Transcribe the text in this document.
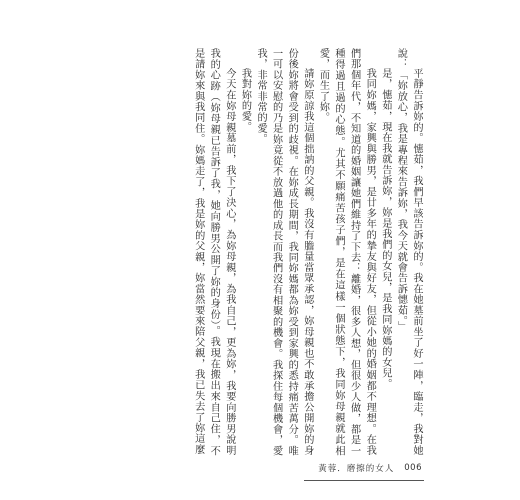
平靜告訴妳的。憓茹，我們早該告訴妳的。我在她墓前坐了好一陣，臨走，我對她說：「妳放心，我是專程來告訴妳，我今天就會告訴憓茹。」

是，憓茹，現在我就告訴妳，妳是我們的女兒，是我同妳媽的女兒。

我同妳媽，家興與勝男，是廿多年的摯友與好友，但從小她的婚姻都不理想。在我們那個年代，不知道的婚姻讓她們維持了下去：離婚，很多人想，但很少人做，都是一種得過且過的心態。尤其不願痛苦孩子們，是在這樣一個狀態下，我同妳母親就此相愛，而生了妳。

請妳原諒我這個拙訥的父親。我沒有膽量當眾承認，妳母親也不敢承擔公開妳的身份後妳將會受到的歧視。在妳成長期間，我同妳媽都為妳受到家興的悉持痛苦萬分。唯一可以安慰的乃是妳竟從不放過他的成長而我們沒有相聚的機會。我探住每個機會，愛我，非常非常的愛。

我對妳的愛。

今天在妳母親墓前，我下了決心，為妳母親，為我自己，更為妳，我要向勝男說明我的心跡（妳母親已告訴了我，她向勝男公開了妳的身份）。我現在搬出來自己住，不是請妳來與我同住。妳媽走了，我是妳的父親，妳當然要來陪父親，我已失去了妳這麼

黃蓉．磨擦的女人 006
